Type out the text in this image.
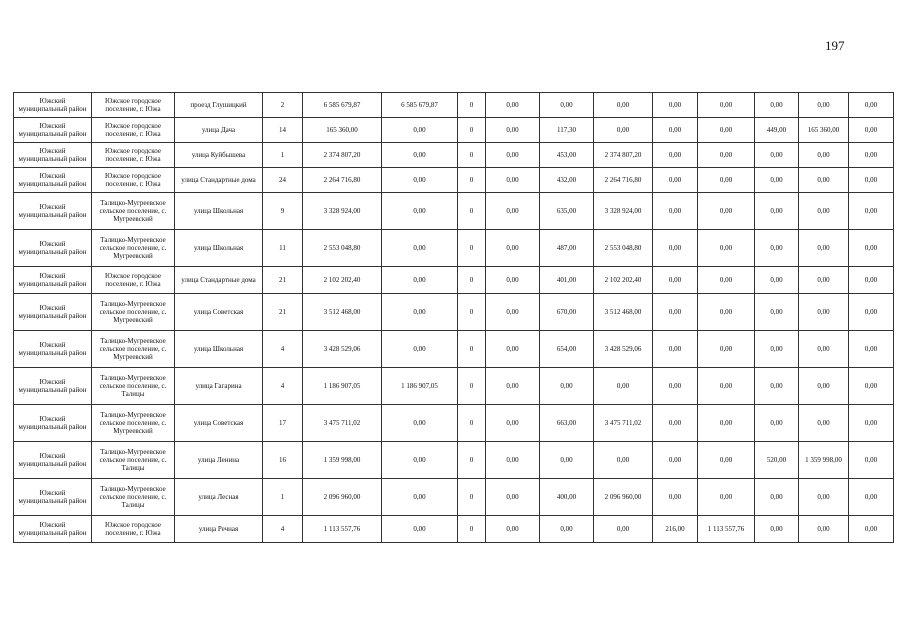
197
Южский муниципальный район	Южское городское поселение, г. Южа	проезд Глушицкий	2	6 585 679,87	6 585 679,87	0	0,00	0,00	0,00	0,00	0,00	0,00	0,00	0,00
Южский муниципальный район	Южское городское поселение, г. Южа	улица Дача	14	165 360,00	0,00	0	0,00	117,30	0,00	0,00	0,00	449,00	165 360,00	0,00
Южский муниципальный район	Южское городское поселение, г. Южа	улица Куйбышева	1	2 374 807,20	0,00	0	0,00	453,00	2 374 807,20	0,00	0,00	0,00	0,00	0,00
Южский муниципальный район	Южское городское поселение, г. Южа	улица Стандартные дома	24	2 264 716,80	0,00	0	0,00	432,00	2 264 716,80	0,00	0,00	0,00	0,00	0,00
Южский муниципальный район	Талицко-Мугреевское сельское поселение, с. Мугреевский	улица Школьная	9	3 328 924,00	0,00	0	0,00	635,00	3 328 924,00	0,00	0,00	0,00	0,00	0,00
Южский муниципальный район	Талицко-Мугреевское сельское поселение, с. Мугреевский	улица Школьная	11	2 553 048,80	0,00	0	0,00	487,00	2 553 048,80	0,00	0,00	0,00	0,00	0,00
Южский муниципальный район	Южское городское поселение, г. Южа	улица Стандартные дома	21	2 102 202,40	0,00	0	0,00	401,00	2 102 202,40	0,00	0,00	0,00	0,00	0,00
Южский муниципальный район	Талицко-Мугреевское сельское поселение, с. Мугреевский	улица Советская	21	3 512 468,00	0,00	0	0,00	670,00	3 512 468,00	0,00	0,00	0,00	0,00	0,00
Южский муниципальный район	Талицко-Мугреевское сельское поселение, с. Мугреевский	улица Школьная	4	3 428 529,06	0,00	0	0,00	654,00	3 428 529,06	0,00	0,00	0,00	0,00	0,00
Южский муниципальный район	Талицко-Мугреевское сельское поселение, с. Талицы	улица Гагарина	4	1 186 907,05	1 186 907,05	0	0,00	0,00	0,00	0,00	0,00	0,00	0,00	0,00
Южский муниципальный район	Талицко-Мугреевское сельское поселение, с. Мугреевский	улица Советская	17	3 475 711,02	0,00	0	0,00	663,00	3 475 711,02	0,00	0,00	0,00	0,00	0,00
Южский муниципальный район	Талицко-Мугреевское сельское поселение, с. Талицы	улица Ленина	16	1 359 998,00	0,00	0	0,00	0,00	0,00	0,00	0,00	520,00	1 359 998,00	0,00
Южский муниципальный район	Талицко-Мугреевское сельское поселение, с. Талицы	улица Лесная	1	2 096 960,00	0,00	0	0,00	400,00	2 096 960,00	0,00	0,00	0,00	0,00	0,00
Южский муниципальный район	Южское городское поселение, г. Южа	улица Речная	4	1 113 557,76	0,00	0	0,00	0,00	0,00	216,00	1 113 557,76	0,00	0,00	0,00
